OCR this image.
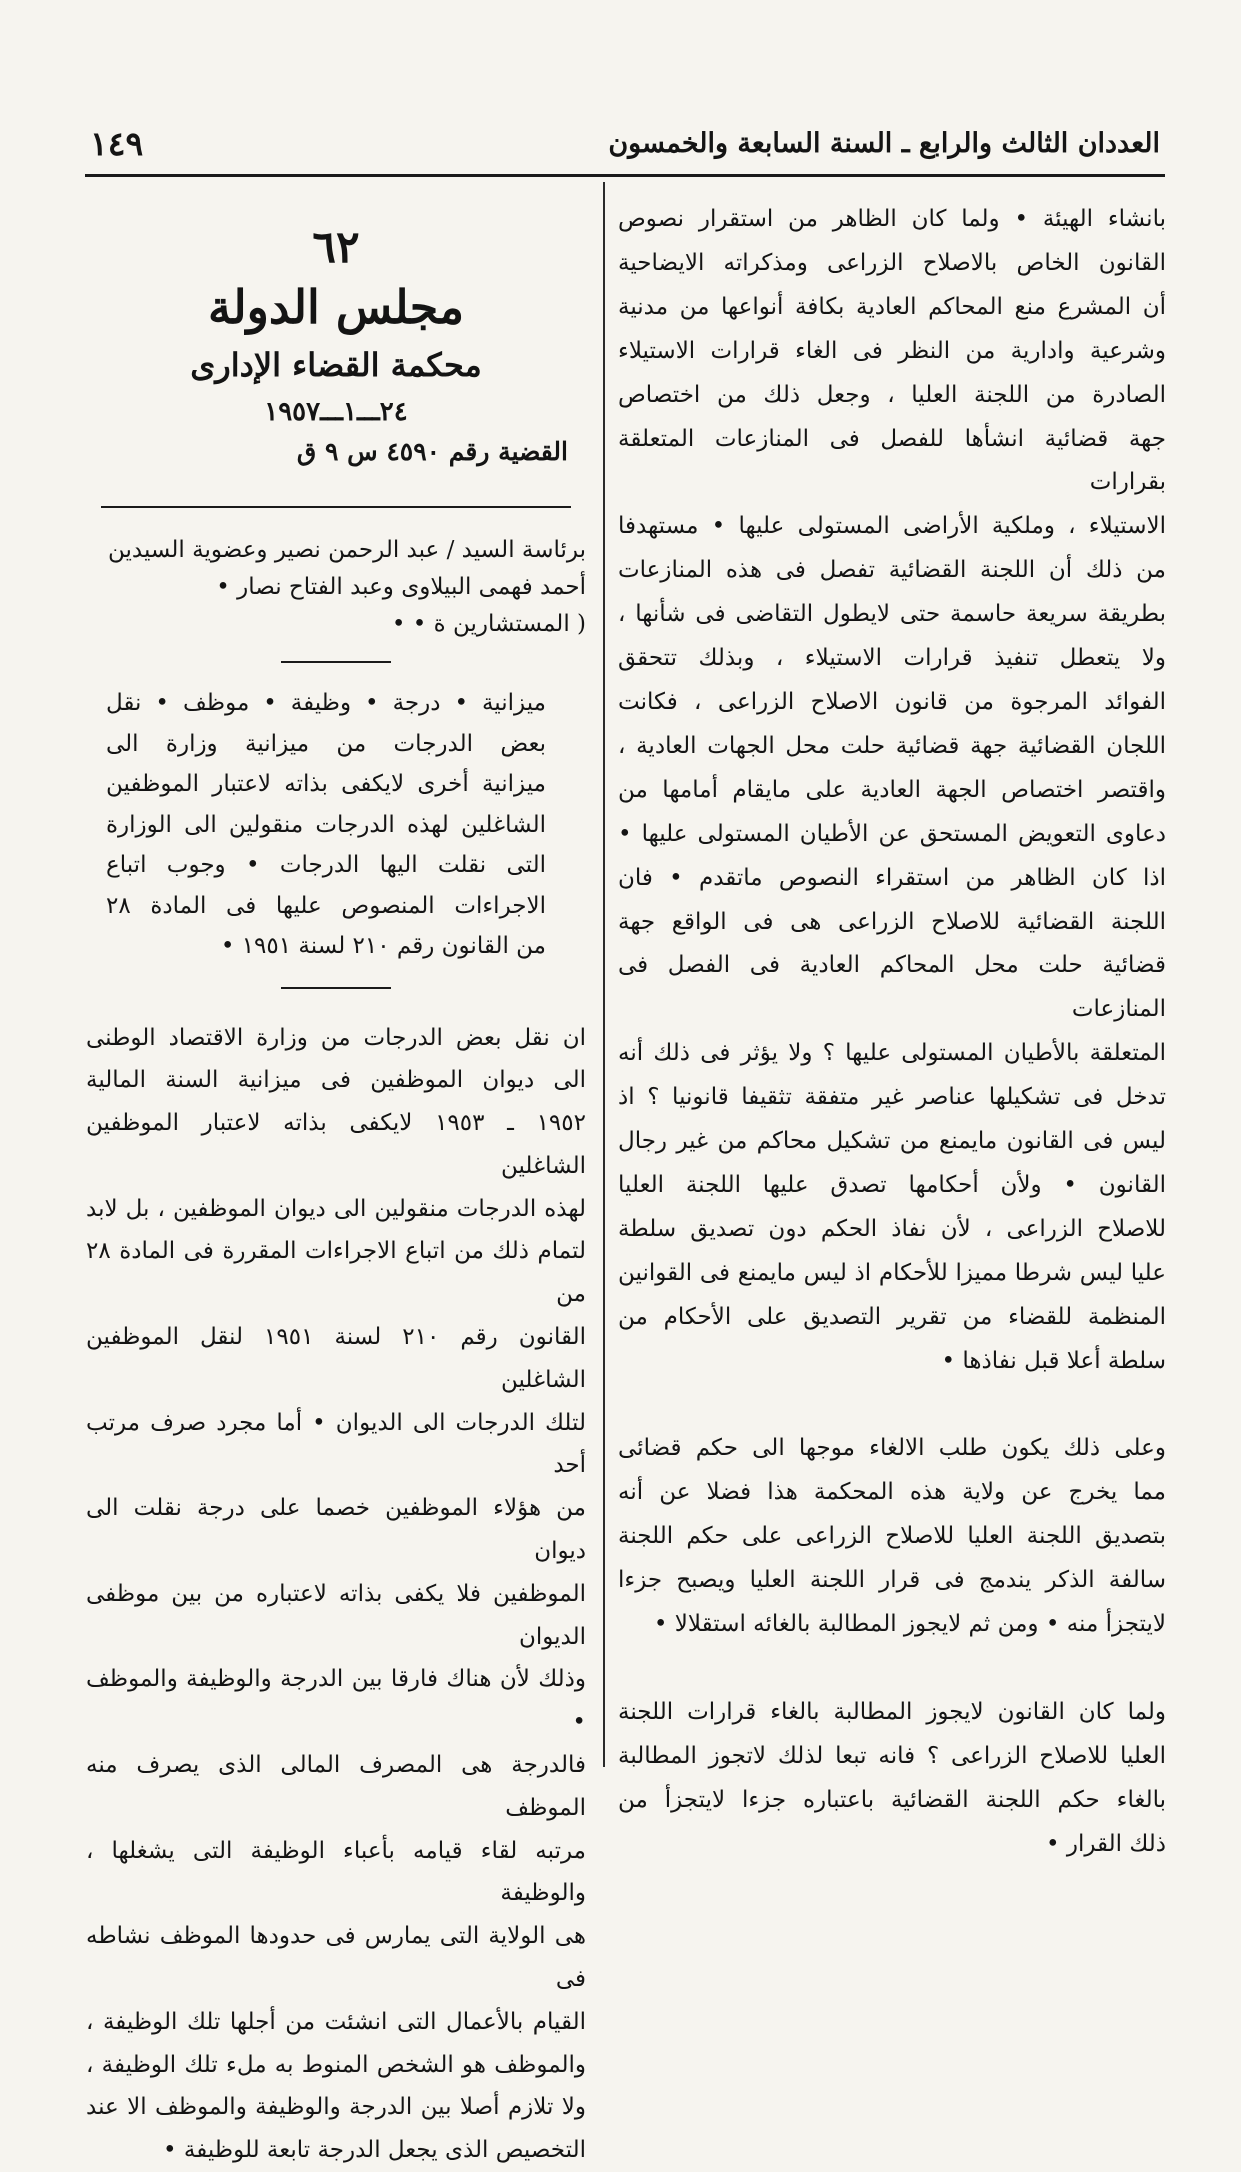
العددان الثالث والرابع ـ السنة السابعة والخمسون
١٤٩

بانشاء الهيئة • ولما كان الظاهر من استقرار نصوص

القانون الخاص بالاصلاح الزراعى ومذكراته الايضاحية

أن المشرع منع المحاكم العادية بكافة أنواعها من مدنية

وشرعية وادارية من النظر فى الغاء قرارات الاستيلاء

الصادرة من اللجنة العليا ، وجعل ذلك من اختصاص

جهة قضائية انشأها للفصل فى المنازعات المتعلقة بقرارات

الاستيلاء ، وملكية الأراضى المستولى عليها • مستهدفا

من ذلك أن اللجنة القضائية تفصل فى هذه المنازعات

بطريقة سريعة حاسمة حتى لايطول التقاضى فى شأنها ،

ولا يتعطل تنفيذ قرارات الاستيلاء ، وبذلك تتحقق

الفوائد المرجوة من قانون الاصلاح الزراعى ، فكانت

اللجان القضائية جهة قضائية حلت محل الجهات العادية ،

واقتصر اختصاص الجهة العادية على مايقام أمامها من

دعاوى التعويض المستحق عن الأطيان المستولى عليها •

اذا كان الظاهر من استقراء النصوص ماتقدم • فان

اللجنة القضائية للاصلاح الزراعى هى فى الواقع جهة

قضائية حلت محل المحاكم العادية فى الفصل فى المنازعات

المتعلقة بالأطيان المستولى عليها ؟ ولا يؤثر فى ذلك أنه

تدخل فى تشكيلها عناصر غير متفقة تثقيفا قانونيا ؟ اذ

ليس فى القانون مايمنع من تشكيل محاكم من غير رجال

القانون • ولأن أحكامها تصدق عليها اللجنة العليا

للاصلاح الزراعى ، لأن نفاذ الحكم دون تصديق سلطة

عليا ليس شرطا مميزا للأحكام اذ ليس مايمنع فى القوانين

المنظمة للقضاء من تقرير التصديق على الأحكام من

سلطة أعلا قبل نفاذها •

وعلى ذلك يكون طلب الالغاء موجها الى حكم قضائى

مما يخرج عن ولاية هذه المحكمة هذا فضلا عن أنه

بتصديق اللجنة العليا للاصلاح الزراعى على حكم اللجنة

سالفة الذكر يندمج فى قرار اللجنة العليا ويصبح جزءا

لايتجزأ منه • ومن ثم لايجوز المطالبة بالغائه استقلالا •

ولما كان القانون لايجوز المطالبة بالغاء قرارات اللجنة

العليا للاصلاح الزراعى ؟ فانه تبعا لذلك لاتجوز المطالبة

بالغاء حكم اللجنة القضائية باعتباره جزءا لايتجزأ من

ذلك القرار •

٦٢

مجلس الدولة

محكمة القضاء الإدارى

٢٤ـــ١ـــ١٩٥٧

القضية رقم ٤٥٩٠ س ٩ ق

برئاسة السيد / عبد الرحمن نصير وعضوية السيدين

أحمد فهمى البيلاوى وعبد الفتاح نصار •

( المستشارين ة • •

ميزانية • درجة • وظيفة • موظف • نقل

بعض الدرجات من ميزانية وزارة الى

ميزانية أخرى لايكفى بذاته لاعتبار الموظفين

الشاغلين لهذه الدرجات منقولين الى الوزارة

التى نقلت اليها الدرجات • وجوب اتباع

الاجراءات المنصوص عليها فى المادة ٢٨

من القانون رقم ٢١٠ لسنة ١٩٥١ •

ان نقل بعض الدرجات من وزارة الاقتصاد الوطنى

الى ديوان الموظفين فى ميزانية السنة المالية

١٩٥٢ ـ ١٩٥٣ لايكفى بذاته لاعتبار الموظفين الشاغلين

لهذه الدرجات منقولين الى ديوان الموظفين ، بل لابد

لتمام ذلك من اتباع الاجراءات المقررة فى المادة ٢٨ من

القانون رقم ٢١٠ لسنة ١٩٥١ لنقل الموظفين الشاغلين

لتلك الدرجات الى الديوان • أما مجرد صرف مرتب أحد

من هؤلاء الموظفين خصما على درجة نقلت الى ديوان

الموظفين فلا يكفى بذاته لاعتباره من بين موظفى الديوان

وذلك لأن هناك فارقا بين الدرجة والوظيفة والموظف •

فالدرجة هى المصرف المالى الذى يصرف منه الموظف

مرتبه لقاء قيامه بأعباء الوظيفة التى يشغلها ، والوظيفة

هى الولاية التى يمارس فى حدودها الموظف نشاطه فى

القيام بالأعمال التى انشئت من أجلها تلك الوظيفة ،

والموظف هو الشخص المنوط به ملء تلك الوظيفة ،

ولا تلازم أصلا بين الدرجة والوظيفة والموظف الا عند

التخصيص الذى يجعل الدرجة تابعة للوظيفة •
